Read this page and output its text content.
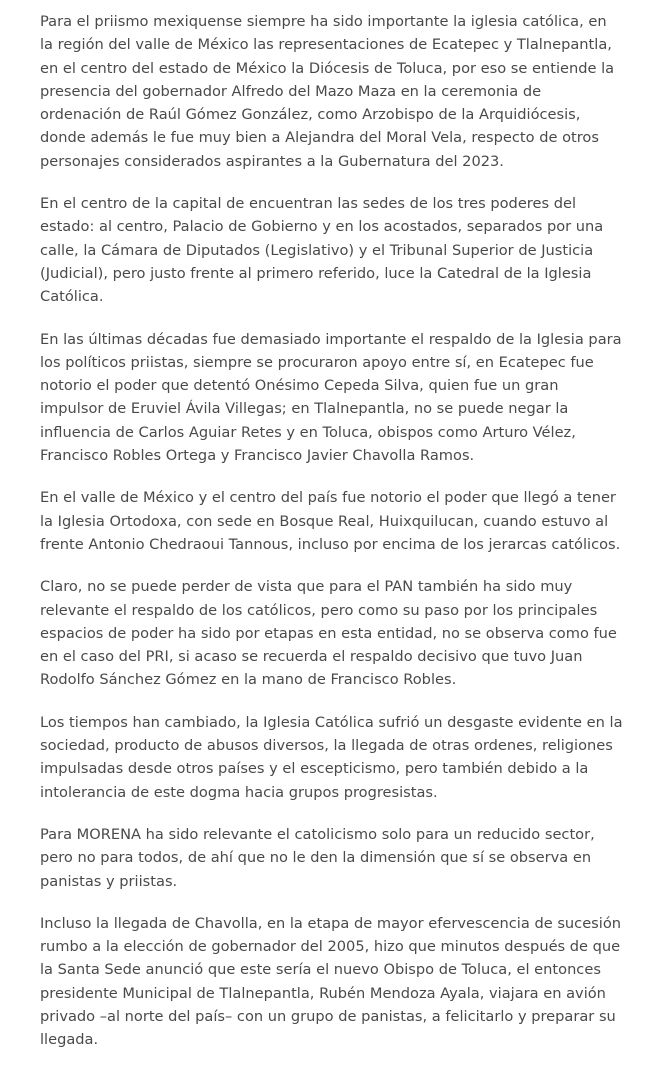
Para el priismo mexiquense siempre ha sido importante la iglesia católica, en la región del valle de México las representaciones de Ecatepec y Tlalnepantla, en el centro del estado de México la Diócesis de Toluca, por eso se entiende la presencia del gobernador Alfredo del Mazo Maza en la ceremonia de ordenación de Raúl Gómez González, como Arzobispo de la Arquidiócesis, donde además le fue muy bien a Alejandra del Moral Vela, respecto de otros personajes considerados aspirantes a la Gubernatura del 2023.

En el centro de la capital de encuentran las sedes de los tres poderes del estado: al centro, Palacio de Gobierno y en los acostados, separados por una calle, la Cámara de Diputados (Legislativo) y el Tribunal Superior de Justicia (Judicial), pero justo frente al primero referido, luce la Catedral de la Iglesia Católica.

En las últimas décadas fue demasiado importante el respaldo de la Iglesia para los políticos priistas, siempre se procuraron apoyo entre sí, en Ecatepec fue notorio el poder que detentó Onésimo Cepeda Silva, quien fue un gran impulsor de Eruviel Ávila Villegas; en Tlalnepantla, no se puede negar la influencia de Carlos Aguiar Retes y en Toluca, obispos como Arturo Vélez, Francisco Robles Ortega y Francisco Javier Chavolla Ramos.

En el valle de México y el centro del país fue notorio el poder que llegó a tener la Iglesia Ortodoxa, con sede en Bosque Real, Huixquilucan, cuando estuvo al frente Antonio Chedraoui Tannous, incluso por encima de los jerarcas católicos.

Claro, no se puede perder de vista que para el PAN también ha sido muy relevante el respaldo de los católicos, pero como su paso por los principales espacios de poder ha sido por etapas en esta entidad, no se observa como fue en el caso del PRI, si acaso se recuerda el respaldo decisivo que tuvo Juan Rodolfo Sánchez Gómez en la mano de Francisco Robles.

Los tiempos han cambiado, la Iglesia Católica sufrió un desgaste evidente en la sociedad, producto de abusos diversos, la llegada de otras ordenes, religiones impulsadas desde otros países y el escepticismo, pero también debido a la intolerancia de este dogma hacia grupos progresistas.

Para MORENA ha sido relevante el catolicismo solo para un reducido sector, pero no para todos, de ahí que no le den la dimensión que sí se observa en panistas y priistas.

Incluso la llegada de Chavolla, en la etapa de mayor efervescencia de sucesión rumbo a la elección de gobernador del 2005, hizo que minutos después de que la Santa Sede anunció que este sería el nuevo Obispo de Toluca, el entonces presidente Municipal de Tlalnepantla, Rubén Mendoza Ayala, viajara en avión privado –al norte del país– con un grupo de panistas, a felicitarlo y preparar su llegada.
